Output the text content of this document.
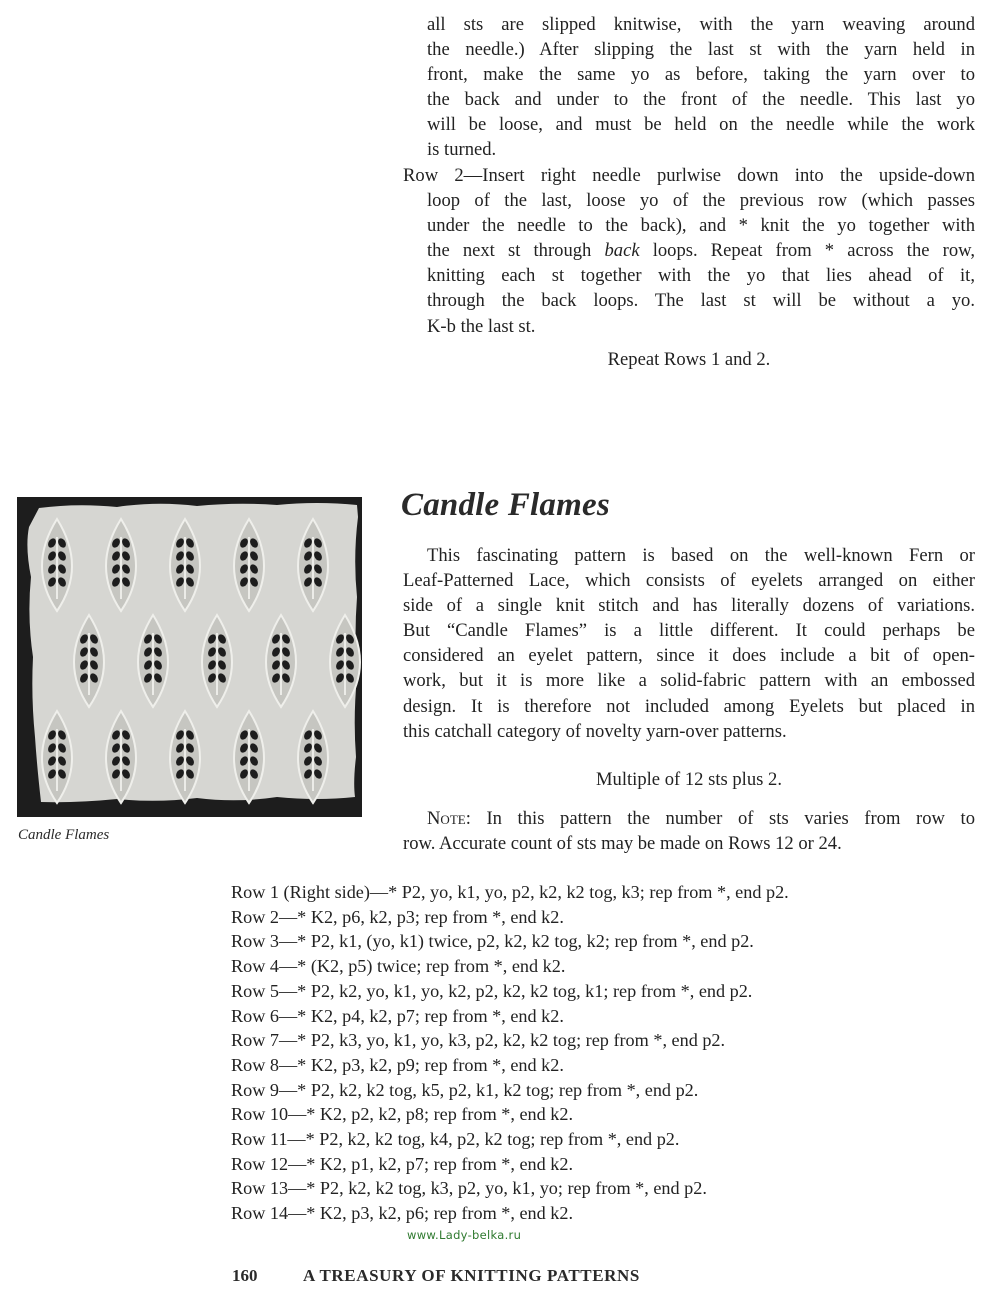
all sts are slipped knitwise, with the yarn weaving around
the needle.) After slipping the last st with the yarn held in
front, make the same yo as before, taking the yarn over to
the back and under to the front of the needle. This last yo
will be loose, and must be held on the needle while the work
is turned.
Row 2—Insert right needle purlwise down into the upside-down
loop of the last, loose yo of the previous row (which passes
under the needle to the back), and * knit the yo together with
the next st through back loops. Repeat from * across the row,
knitting each st together with the yo that lies ahead of it,
through the back loops. The last st will be without a yo.
K-b the last st.
Repeat Rows 1 and 2.
Candle Flames
Candle Flames
This fascinating pattern is based on the well-known Fern or
Leaf-Patterned Lace, which consists of eyelets arranged on either
side of a single knit stitch and has literally dozens of variations.
But “Candle Flames” is a little different. It could perhaps be
considered an eyelet pattern, since it does include a bit of open-
work, but it is more like a solid-fabric pattern with an embossed
design. It is therefore not included among Eyelets but placed in
this catchall category of novelty yarn-over patterns.
Multiple of 12 sts plus 2.
Note: In this pattern the number of sts varies from row to
row. Accurate count of sts may be made on Rows 12 or 24.
Row 1 (Right side)—* P2, yo, k1, yo, p2, k2, k2 tog, k3; rep from *, end p2.
Row 2—* K2, p6, k2, p3; rep from *, end k2.
Row 3—* P2, k1, (yo, k1) twice, p2, k2, k2 tog, k2; rep from *, end p2.
Row 4—* (K2, p5) twice; rep from *, end k2.
Row 5—* P2, k2, yo, k1, yo, k2, p2, k2, k2 tog, k1; rep from *, end p2.
Row 6—* K2, p4, k2, p7; rep from *, end k2.
Row 7—* P2, k3, yo, k1, yo, k3, p2, k2, k2 tog; rep from *, end p2.
Row 8—* K2, p3, k2, p9; rep from *, end k2.
Row 9—* P2, k2, k2 tog, k5, p2, k1, k2 tog; rep from *, end p2.
Row 10—* K2, p2, k2, p8; rep from *, end k2.
Row 11—* P2, k2, k2 tog, k4, p2, k2 tog; rep from *, end p2.
Row 12—* K2, p1, k2, p7; rep from *, end k2.
Row 13—* P2, k2, k2 tog, k3, p2, yo, k1, yo; rep from *, end p2.
Row 14—* K2, p3, k2, p6; rep from *, end k2.
www.Lady-belka.ru
160	A TREASURY OF KNITTING PATTERNS
